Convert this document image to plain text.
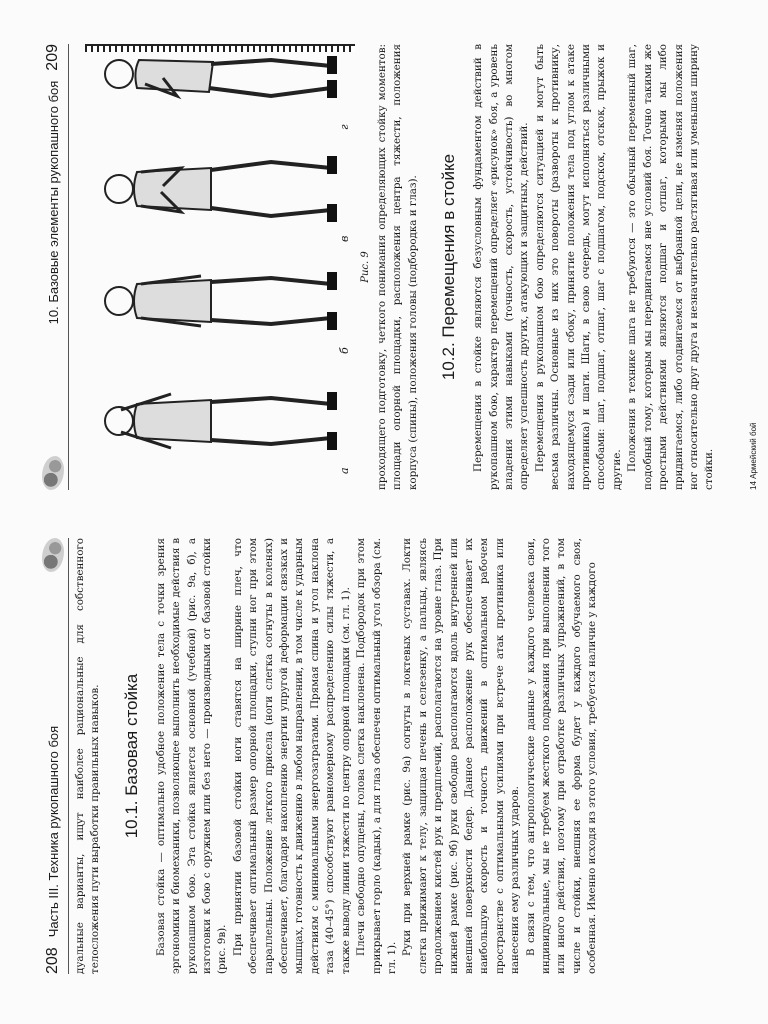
208
Часть III. Техника рукопашного боя дуальные варианты, ищут наиболее рациональные для собственного телосложения пути выработки правильных навыков. 10.1. Базовая стойка Базовая стойка — оптимально удобное положение тела с точки зрения эргономики и биомеханики, позволяющее выполнить необходимые действия в рукопашном бою. Эта стойка является основной (учебной) (рис. 9а, б), а изготовки к бою с оружием или без него — производными от базовой стойки (рис. 9в). При принятии базовой стойки ноги ставятся на ширине плеч, что обеспечивает оптимальный размер опорной площадки, ступни ног при этом параллельны. Положение легкого присела (ноги слегка согнуты в коленях) обеспечивает, благодаря накоплению энергии упругой деформации связках и мышцах, готовность к движению в любом направлении, в том числе к ударным действиям с минимальными энергозатратами. Прямая спина и угол наклона таза (40–45°) способствуют равномерному распределению силы тяжести, а также выводу линии тяжести по центру опорной площадки (см. гл. 1). Плечи свободно опущены, голова слегка наклонена. Подбородок при этом прикрывает горло (кадык), а для глаз обеспечен оптимальный угол обзора (см. гл. 1).

Руки при верхней рамке (рис. 9а) согнуты в локтевых суставах. Локти слегка прижимают к телу, защищая печень и селезенку, а пальцы, являясь продолжением кистей рук и предплечий, располагаются на уровне глаз. При нижней рамке (рис. 9б) руки свободно располагаются вдоль внутренней или внешней поверхности бедер. Данное расположение рук обеспечивает их наибольшую скорость и точность движений в оптимальном рабочем пространстве с оптимальными усилиями при встрече атак противника или нанесения ему различных ударов. В связи с тем, что антропологические данные у каждого человека свои, индивидуальные, мы не требуем жесткого подражания при выполнении того или иного действия, поэтому при отработке различных упражнений, в том числе и стойки, внешняя ее форма будет у каждого обучаемого своя, особенная. Именно исходя из этого условия, требуется наличие у каждого

10. Базовые элементы рукопашного боя
209
а
б
в
г
Рис. 9 проходящего подготовку, четкого понимания определяющих стойку моментов: площади опорной площадки, расположения центра тяжести, положения корпуса (спины), положения головы (подбородка и глаз). 10.2. Перемещения в стойке Перемещения в стойке являются безусловным фундаментом действий в рукопашном бою, характер перемещений определяет «рисунок» боя, а уровень владения этими навыками (точность, скорость, устойчивость) во многом определяет успешность других, атакующих и защитных, действий. Перемещения в рукопашном бою определяются ситуацией и могут быть весьма различны. Основные из них это повороты (развороты к противнику, находящемуся сзади или сбоку, принятие положения тела под углом к атаке противника) и шаги. Шаги, в свою очередь, могут исполняться различными способами: шаг, подшаг, отшаг, шаг с подшагом, подскок, отскок, прыжок и другие. Положения в технике шага не требуются — это обычный переменный шаг, подобный тому, которым мы передвигаемся вне условий боя. Точно такими же простыми действиями являются подшаг и отшаг, которыми мы либо придвигаемся, либо отодвигаемся от выбранной цели, не изменяя положения ног относительно друг друга и незначительно растягивая или уменьшая ширину стойки.	14 Армейский бой
